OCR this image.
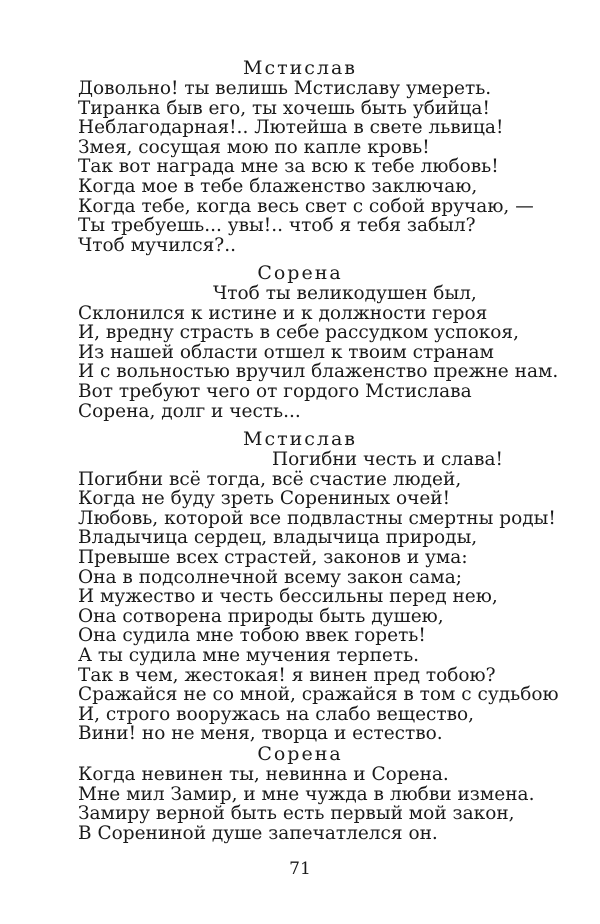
Мстислав
Довольно! ты велишь Мстиславу умереть.
Тиранка быв его, ты хочешь быть убийца!
Неблагодарная!.. Лютейша в свете львица!
Змея, сосущая мою по капле кровь!
Так вот награда мне за всю к тебе любовь!
Когда мое в тебе блаженство заключаю,
Когда тебе, когда весь свет с собой вручаю, —
Ты требуешь... увы!.. чтоб я тебя забыл?
Чтоб мучился?..
Сорена
Чтоб ты великодушен был,
Склонился к истине и к должности героя
И, вредну страсть в себе рассудком успокоя,
Из нашей области отшел к твоим странам
И с вольностью вручил блаженство прежне нам.
Вот требуют чего от гордого Мстислава
Сорена, долг и честь...
Мстислав
Погибни честь и слава!
Погибни всё тогда, всё счастие людей,
Когда не буду зреть Сорениных очей!
Любовь, которой все подвластны смертны роды!
Владычица сердец, владычица природы,
Превыше всех страстей, законов и ума:
Она в подсолнечной всему закон сама;
И мужество и честь бессильны перед нею,
Она сотворена природы быть душею,
Она судила мне тобою ввек гореть!
А ты судила мне мучения терпеть.
Так в чем, жестокая! я винен пред тобою?
Сражайся не со мной, сражайся в том с судьбою
И, строго вооружась на слабо вещество,
Вини! но не меня, творца и естество.
Сорена
Когда невинен ты, невинна и Сорена.
Мне мил Замир, и мне чужда в любви измена.
Замиру верной быть есть первый мой закон,
В Сорениной душе запечатлелся он.
71
